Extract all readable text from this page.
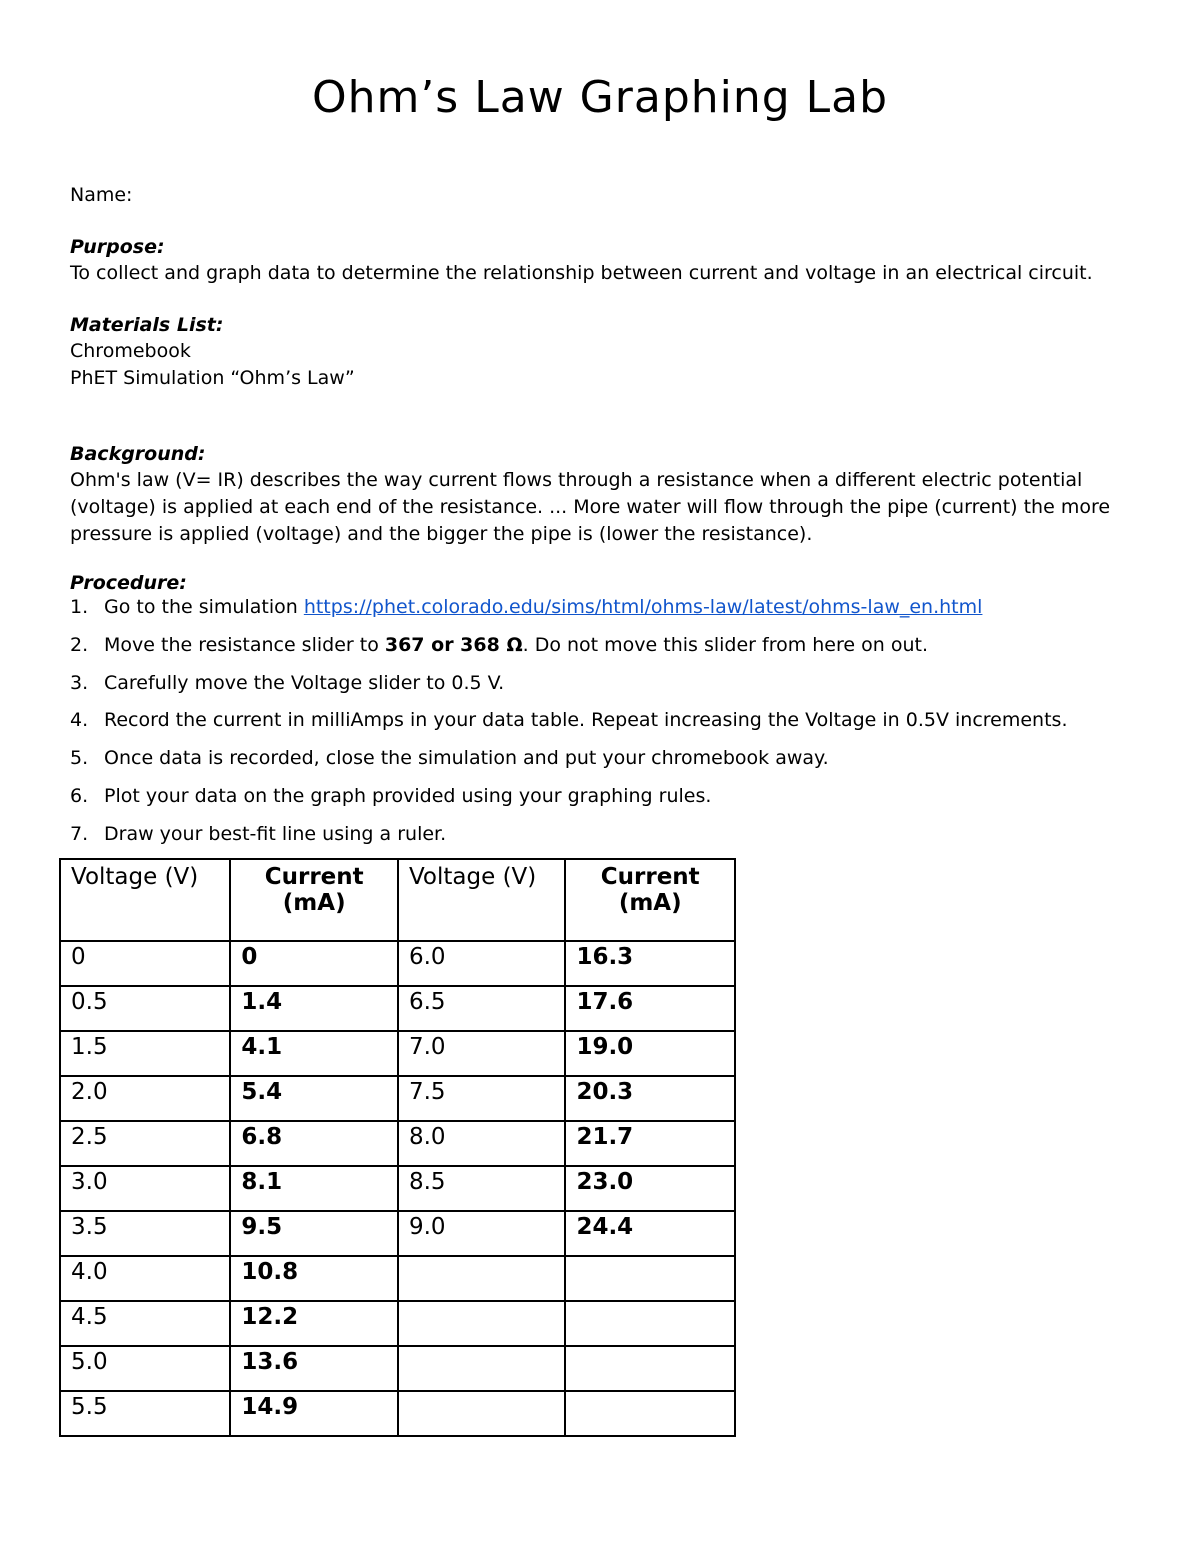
Ohm’s Law Graphing Lab
Name:
Purpose:
To collect and graph data to determine the relationship between current and voltage in an electrical circuit.
Materials List:
Chromebook
PhET Simulation “Ohm’s Law”
Background:
Ohm's law (V= IR) describes the way current flows through a resistance when a different electric potential (voltage) is applied at each end of the resistance. ... More water will flow through the pipe (current) the more pressure is applied (voltage) and the bigger the pipe is (lower the resistance).
Procedure:
1. Go to the simulation https://phet.colorado.edu/sims/html/ohms-law/latest/ohms-law_en.html
2. Move the resistance slider to 367 or 368 Ω. Do not move this slider from here on out.
3. Carefully move the Voltage slider to 0.5 V.
4. Record the current in milliAmps in your data table. Repeat increasing the Voltage in 0.5V increments.
5. Once data is recorded, close the simulation and put your chromebook away.
6. Plot your data on the graph provided using your graphing rules.
7. Draw your best-fit line using a ruler.
Voltage (V)	Current (mA)	Voltage (V)	Current (mA)
0	0	6.0	16.3
0.5	1.4	6.5	17.6
1.5	4.1	7.0	19.0
2.0	5.4	7.5	20.3
2.5	6.8	8.0	21.7
3.0	8.1	8.5	23.0
3.5	9.5	9.0	24.4
4.0	10.8		
4.5	12.2		
5.0	13.6		
5.5	14.9		
